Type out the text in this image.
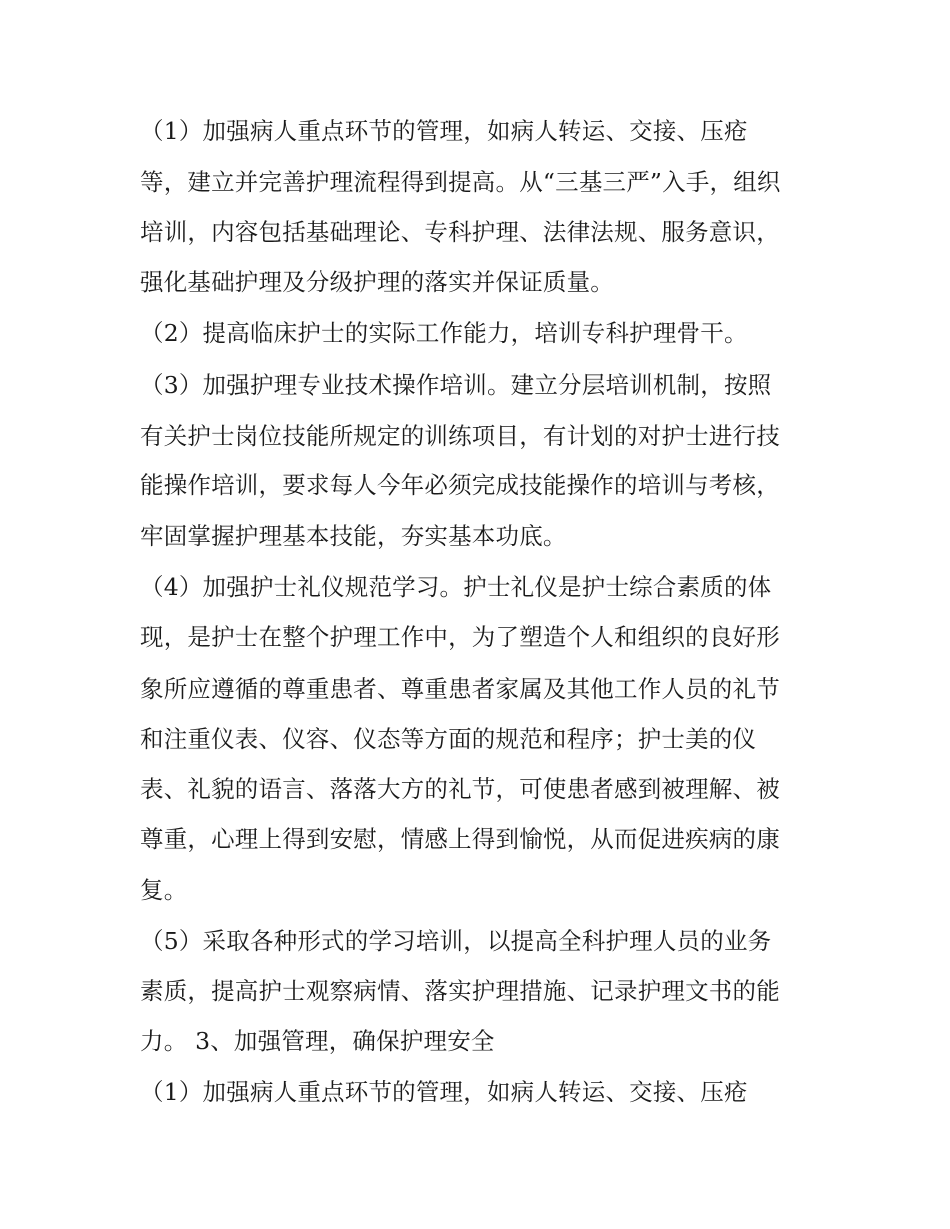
（1）加强病人重点环节的管理，如病人转运、交接、压疮
等，建立并完善护理流程得到提高。从“三基三严”入手，组织
培训，内容包括基础理论、专科护理、法律法规、服务意识，
强化基础护理及分级护理的落实并保证质量。
（2）提高临床护士的实际工作能力，培训专科护理骨干。
（3）加强护理专业技术操作培训。建立分层培训机制，按照
有关护士岗位技能所规定的训练项目，有计划的对护士进行技
能操作培训，要求每人今年必须完成技能操作的培训与考核，
牢固掌握护理基本技能，夯实基本功底。
（4）加强护士礼仪规范学习。护士礼仪是护士综合素质的体
现，是护士在整个护理工作中，为了塑造个人和组织的良好形
象所应遵循的尊重患者、尊重患者家属及其他工作人员的礼节
和注重仪表、仪容、仪态等方面的规范和程序；护士美的仪
表、礼貌的语言、落落大方的礼节，可使患者感到被理解、被
尊重，心理上得到安慰，情感上得到愉悦，从而促进疾病的康
复。
（5）采取各种形式的学习培训，以提高全科护理人员的业务
素质，提高护士观察病情、落实护理措施、记录护理文书的能
力。 3、加强管理，确保护理安全
（1）加强病人重点环节的管理，如病人转运、交接、压疮
